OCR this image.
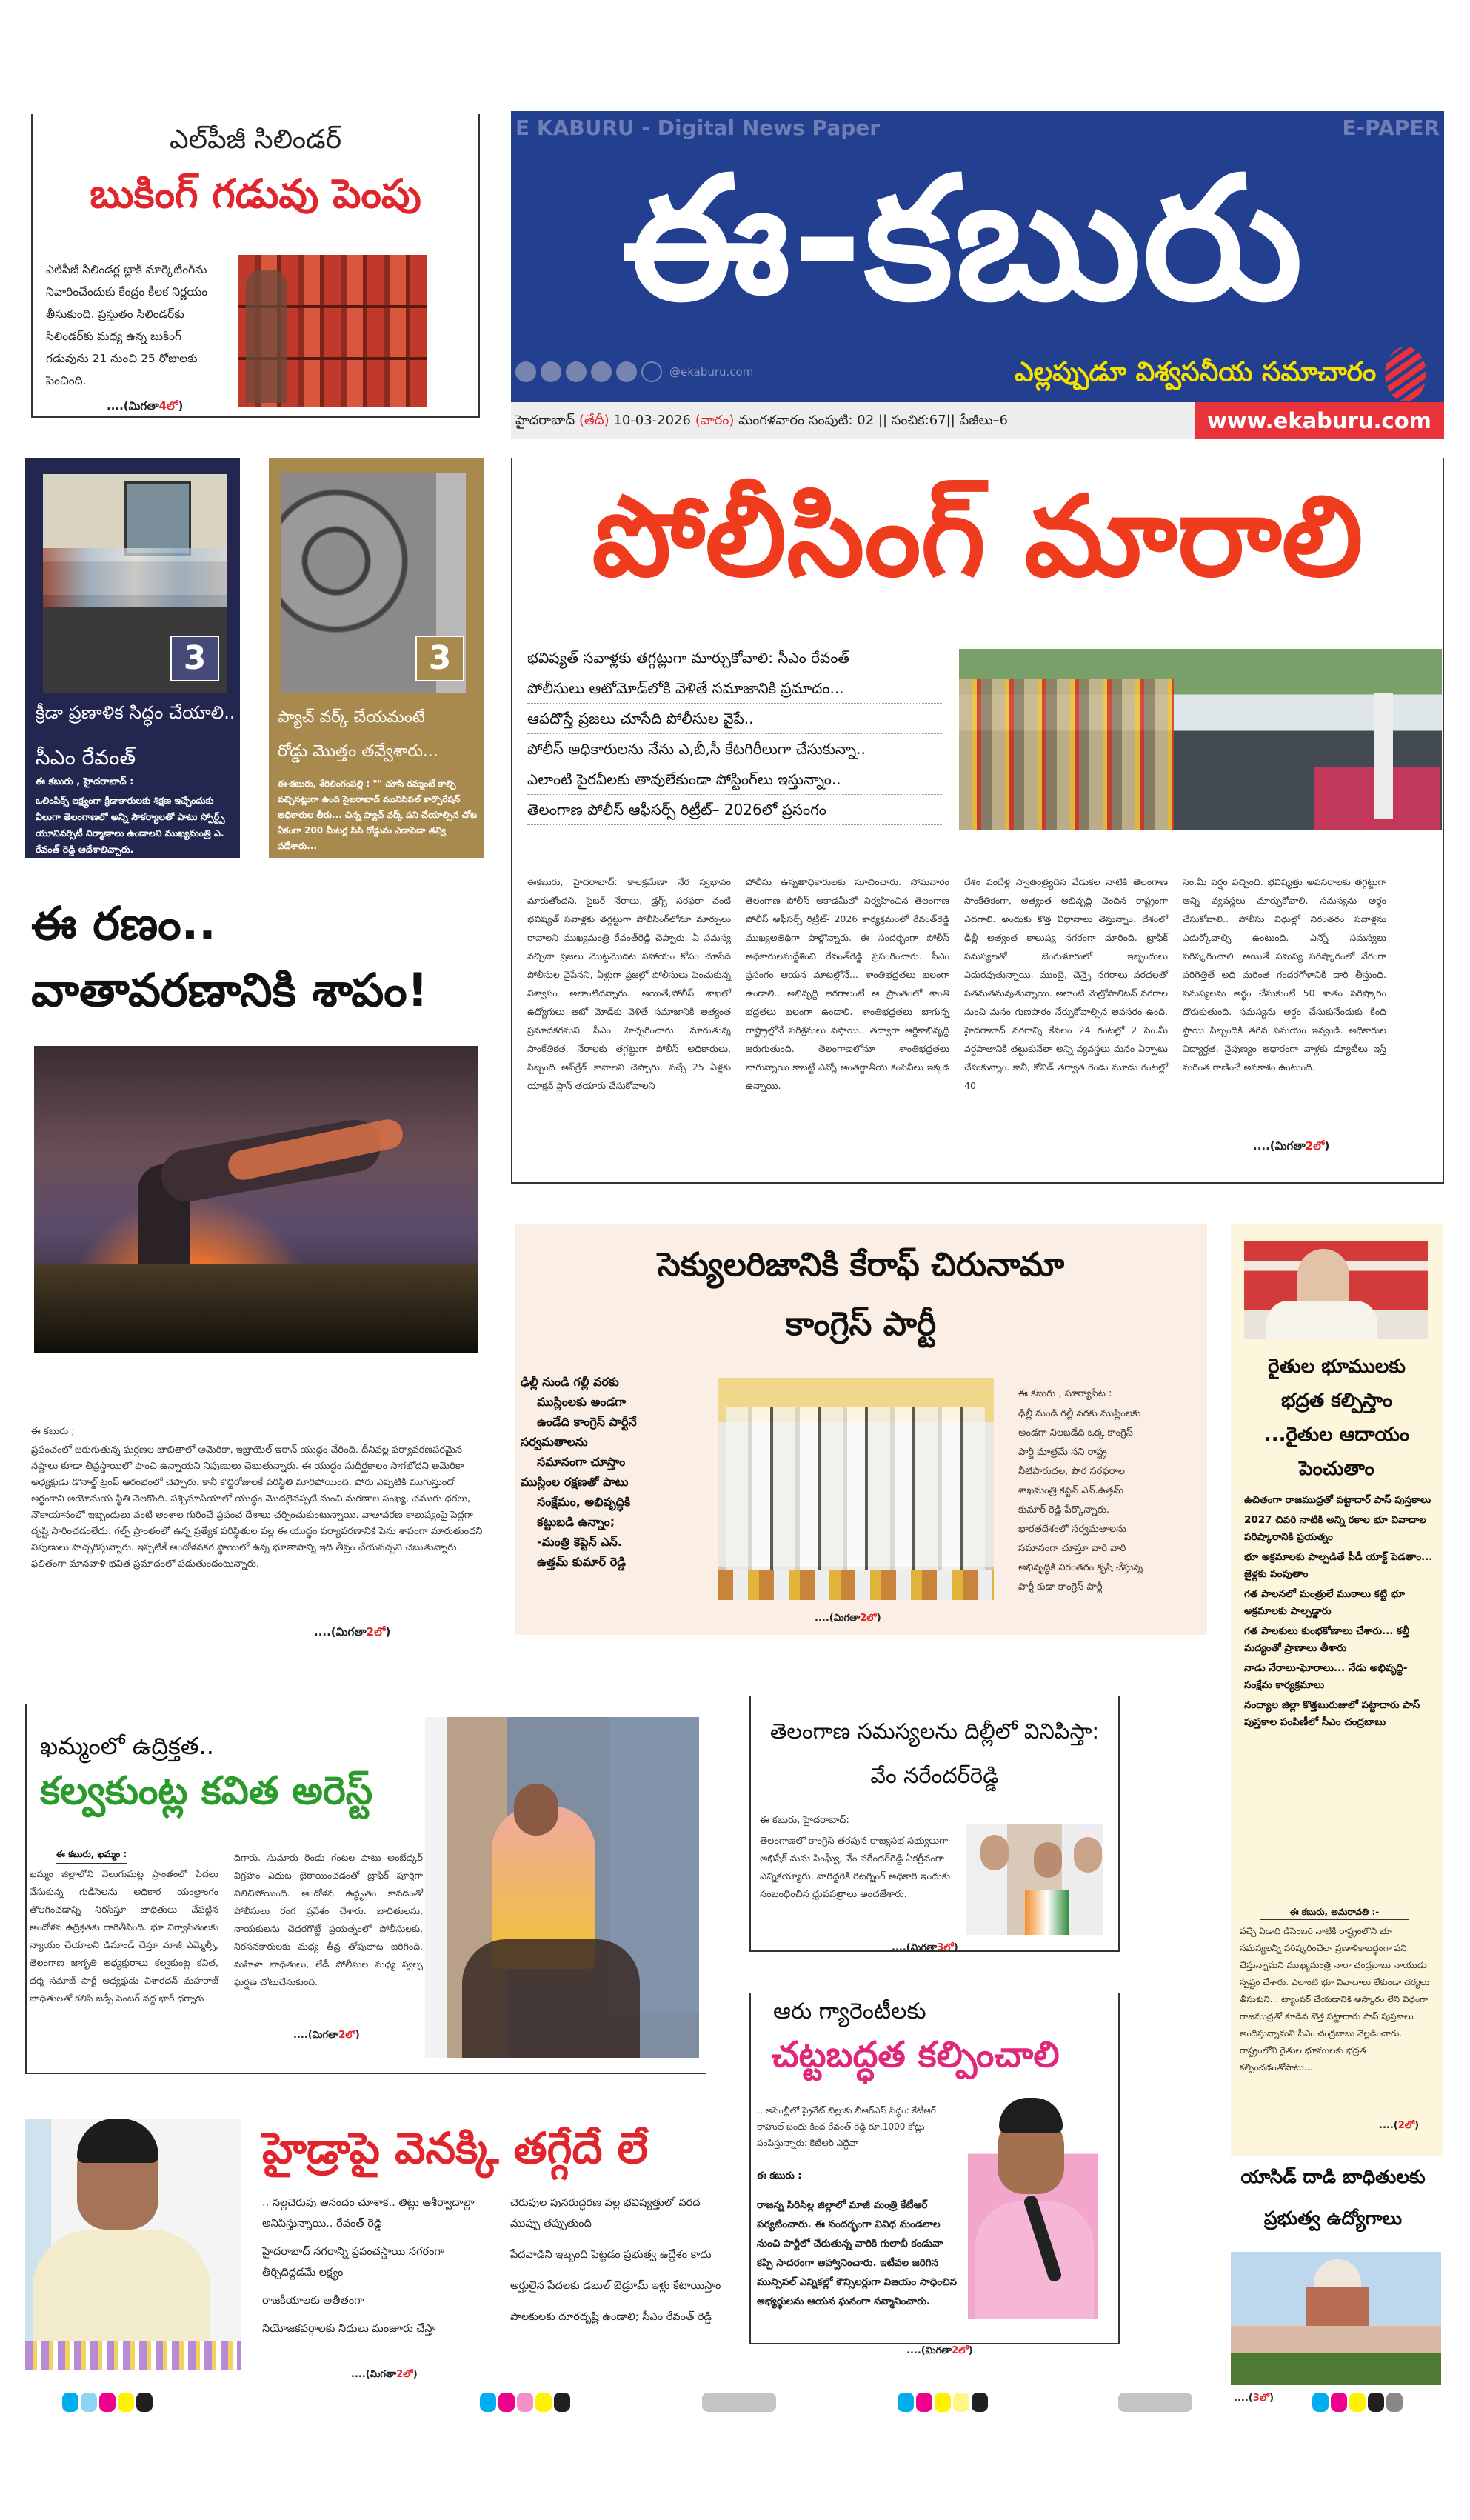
ఎల్‌పీజీ సిలిండర్
బుకింగ్ గడువు పెంపు
ఎల్‌పీజీ సిలిండర్ల బ్లాక్ మార్కెటింగ్‌ను నివారించేందుకు కేంద్రం కీలక నిర్ణయం తీసుకుంది. ప్రస్తుతం సిలిండర్‌కు సిలిండర్‌కు మధ్య ఉన్న బుకింగ్ గడువును 21 నుంచి 25 రోజులకు పెంచింది.
....(మిగతా4లో)
E KABURU - Digital News Paper	E-PAPER
ఈ-కబురు
@ekaburu.com	ఎల్లప్పుడూ విశ్వసనీయ సమాచారం
హైదరాబాద్ (తేదీ) 10-03-2026 (వారం) మంగళవారం సంపుటి: 02 || సంచిక:67|| పేజీలు–6	www.ekaburu.com
3
క్రీడా ప్రణాళిక సిద్ధం చేయాలి..
సీఎం రేవంత్
ఈ కబురు , హైదరాబాద్ :
ఒలింపిక్స్ లక్ష్యంగా క్రీడాకారులకు శిక్షణ ఇచ్చేందుకు వీలుగా తెలంగాణలో అన్ని సౌకర్యాలతో పాటు స్పోర్ట్స్ యూనివర్సిటీ నిర్మాణాలు ఉండాలని ముఖ్యమంత్రి ఎ. రేవంత్ రెడ్డి ఆదేశాలిచ్చారు.
3
ప్యాచ్ వర్క్ చేయమంటే
రోడ్డు మొత్తం తవ్వేశారు...
ఈ-కబురు, శేరిలింగంపల్లి : "" చూసి రమ్మంటే కాల్చి వచ్చినట్లుగా ఉంది సైబరాబాద్ మునిసిపల్ కార్పొరేషన్ అధికారుల తీరు... చిన్న ప్యాచ్ వర్క్ పని చేయాల్సిన చోట ఏకంగా 200 మీటర్ల సిసి రోడ్డును ఎడాపెడా తవ్వి పడేశారు...
పోలీసింగ్ మారాలి
భవిష్యత్ సవాళ్లకు తగ్గట్లుగా మార్చుకోవాలి: సీఎం రేవంత్
పోలీసులు ఆటోమోడ్‌లోకి వెళితే సమాజానికి ప్రమాదం...
ఆపదొస్తే ప్రజలు చూసేది పోలీసుల వైపే..
పోలీస్ అధికారులను నేను ఎ,బీ,సీ కేటగిరీలుగా చేసుకున్నా..
ఎలాంటి పైరవీలకు తావులేకుండా పోస్టింగ్‌లు ఇస్తున్నాం..
తెలంగాణ పోలీస్ ఆఫీసర్స్ రిట్రీట్– 2026లో ప్రసంగం
ఈకబురు, హైదరాబాద్: కాలక్రమేణా నేర స్వభావం మారుతోందని, సైబర్ నేరాలు, డ్రగ్స్ సరఫరా వంటి భవిష్యత్ సవాళ్లకు తగ్గట్టుగా పోలీసింగ్‌లోనూ మార్పులు రావాలని ముఖ్యమంత్రి రేవంత్‌రెడ్డి చెప్పారు. ఏ సమస్య వచ్చినా ప్రజలు మొట్టమొదట సహాయం కోసం చూసేది పోలీసుల వైపేనని, ఏళ్లుగా ప్రజల్లో పోలీసులు పెంచుకున్న విశ్వాసం అలాంటిదన్నారు. అయితే,పోలీస్ శాఖలో ఉద్యోగులు ఆటో మోడ్‌కు వెళితే సమాజానికి అత్యంత ప్రమాదకరమని సీఎం హెచ్చరించారు. మారుతున్న సాంకేతికత, నేరాలకు తగ్గట్టుగా పోలీస్ అధికారులు, సిబ్బంది అప్‌గ్రేడ్ కావాలని చెప్పారు. వచ్చే 25 ఏళ్లకు యాక్షన్ ప్లాన్ తయారు చేసుకోవాలని
పోలీసు ఉన్నతాధికారులకు సూచించారు. సోమవారం తెలంగాణ పోలీస్ అకాడమీలో నిర్వహించిన తెలంగాణ పోలీస్ ఆఫీసర్స్ రిట్రీట్- 2026 కార్యక్రమంలో రేవంత్‌రెడ్డి ముఖ్యఅతిథిగా పాల్గొన్నారు. ఈ సందర్భంగా పోలీస్ అధికారులనుద్దేశించి రేవంత్‌రెడ్డి ప్రసంగించారు. సీఎం ప్రసంగం ఆయన మాటల్లోనే... శాంతిభద్రతలు బలంగా ఉండాలి.. అభివృద్ధి జరగాలంటే ఆ ప్రాంతంలో శాంతి భద్రతలు బలంగా ఉండాలి. శాంతిభద్రతలు బాగున్న రాష్ట్రాల్లోనే పరిశ్రమలు వస్తాయి.. తద్వారా ఆర్థికాభివృద్ధి జరుగుతుంది. తెలంగాణలోనూ శాంతిభద్రతలు బాగున్నాయి కాబట్టే ఎన్నో అంతర్జాతీయ కంపెనీలు ఇక్కడ ఉన్నాయి.
దేశం వందేళ్ల స్వాతంత్ర్యదిన వేడుకల నాటికి తెలంగాణ సాంకేతికంగా, అత్యంత అభివృద్ధి చెందిన రాష్ట్రంగా ఎదగాలి. అందుకు కొత్త విధానాలు తెస్తున్నాం. దేశంలో ఢిల్లీ అత్యంత కాలుష్య నగరంగా మారింది. ట్రాఫిక్ సమస్యలతో బెంగుళూరులో ఇబ్బందులు ఎదురవుతున్నాయి. ముంబై, చెన్నై నగరాలు వరదలతో సతమతమవుతున్నాయి. అలాంటి మెట్రోపాలిటన్ నగరాల నుంచి మనం గుణపాఠం నేర్చుకోవాల్సిన అవసరం ఉంది. హైదరాబాద్ నగరాన్ని కేవలం 24 గంటల్లో 2 సెం.మీ వర్షపాతానికి తట్టుకునేలా అన్ని వ్యవస్థలు మనం ఏర్పాటు చేసుకున్నాం. కానీ, కోవిడ్ తర్వాత రెండు మూడు గంటల్లో 40
సెం.మీ వర్షం వచ్చింది. భవిష్యత్తు అవసరాలకు తగ్గట్టుగా అన్ని వ్యవస్థలు మార్చుకోవాలి. సమస్యను అర్థం చేసుకోవాలి.. పోలీసు విధుల్లో నిరంతరం సవాళ్లను ఎదుర్కోవాల్సి ఉంటుంది. ఎన్నో సమస్యలు పరిష్కరించాలి. అయితే సమస్య పరిష్కారంలో వేగంగా పరిగెత్తితే అది మరింత గందరగోళానికి దారి తీస్తుంది. సమస్యలను అర్థం చేసుకుంటే 50 శాతం పరిష్కారం దొరుకుతుంది. సమస్యను అర్థం చేసుకునేందుకు కింది స్థాయి సిబ్బందికి తగిన సమయం ఇవ్వండి. అధికారుల విద్యార్హత, నైపుణ్యం ఆధారంగా వాళ్లకు డ్యూటీలు ఇస్తే మరింత రాణించే అవకాశం ఉంటుంది.
....(మిగతా2లో)
ఈ రణం..
వాతావరణానికి శాపం!
ఈ కబురు ;
ప్రపంచంలో జరుగుతున్న ఘర్షణల జాబితాలో అమెరికా, ఇజ్రాయెల్ ఇరాన్ యుద్ధం చేరింది. దీనివల్ల పర్యావరణపరమైన నష్టాలు కూడా తీవ్రస్థాయిలో పొంచి ఉన్నాయని నిపుణులు చెబుతున్నారు. ఈ యుద్ధం సుదీర్ఘకాలం సాగబోదని అమెరికా అధ్యక్షుడు డొనాల్డ్ ట్రంప్ ఆరంభంలో చెప్పారు. కానీ కొద్దిరోజులకే పరిస్థితి మారిపోయింది. పోరు ఎప్పటికి ముగుస్తుందో అర్థంకాని అయోమయ స్థితి నెలకొంది. పశ్చిమాసియాలో యుద్ధం మొదలైనప్పటి నుంచి మరణాల సంఖ్య, చమురు ధరలు, నౌకాయానంలో ఇబ్బందులు వంటి అంశాల గురించే ప్రపంచ దేశాలు చర్చించుకుంటున్నాయి. వాతావరణ కాలుష్యంపై పెద్దగా దృష్టి సారించడంలేదు. గల్ఫ్ ప్రాంతంలో ఉన్న ప్రత్యేక పరిస్థితుల వల్ల ఈ యుద్ధం పర్యావరణానికి పెను శాపంగా మారుతుందని నిపుణులు హెచ్చరిస్తున్నారు. ఇప్పటికే ఆందోళనకర స్థాయిలో ఉన్న భూతాపాన్ని ఇది తీవ్రం చేయవచ్చని చెబుతున్నారు. ఫలితంగా మానవాళి భవిత ప్రమాదంలో పడుతుందంటున్నారు.
....(మిగతా2లో)
సెక్యులరిజానికి కేరాఫ్ చిరునామా
కాంగ్రెస్ పార్టీ
ఢిల్లీ నుండి గల్లీ వరకు
ముస్లింలకు అండగా
ఉండేది కాంగ్రెస్ పార్టీనే
సర్వమతాలను
సమానంగా చూస్తాం
ముస్లింల రక్షణతో పాటు
సంక్షేమం, అభివృద్ధికి
కట్టుబడి ఉన్నాం;
-మంత్రి కెప్టెన్ ఎన్.
ఉత్తమ్ కుమార్ రెడ్డి
ఈ కబురు , సూర్యాపేట :
ఢిల్లీ నుండి గల్లీ వరకు ముస్లింలకు అండగా నిలబడేది ఒక్క కాంగ్రెస్ పార్టీ మాత్రమే నని రాష్ట్ర నీటిపారుదల, పౌర సరఫరాల శాఖమంత్రి కెప్టెన్ ఎన్.ఉత్తమ్ కుమార్ రెడ్డి పేర్కొన్నారు. భారతదేశంలో సర్వమతాలను సమానంగా చూస్తూ వారి వారి అభివృద్ధికి నిరంతరం కృషి చేస్తున్న పార్టీ కుడా కాంగ్రెస్ పార్టీ
....(మిగతా2లో)
రైతుల భూములకు
భద్రత కల్పిస్తాం
...రైతుల ఆదాయం
పెంచుతాం
ఉచితంగా రాజముద్రతో పట్టాదార్ పాస్ పుస్తకాలు
2027 చివరి నాటికి అన్ని రకాల భూ వివాదాల పరిష్కారానికి ప్రయత్నం
భూ అక్రమాలకు పాల్పడితే పీడీ యాక్ట్ పెడతాం... జైళ్లకు పంపుతాం
గత పాలనలో మంత్రులే ముఠాలు కట్టి భూ అక్రమాలకు పాల్పడ్డారు
గత పాలకులు కుంభకోణాలు చేశారు... కల్తీ మద్యంతో ప్రాణాలు తీశారు
నాడు నేరాలు-ఘోరాలు... నేడు అభివృద్ధి-సంక్షేమ కార్యక్రమాలు
నంద్యాల జిల్లా కొత్తబురుజులో పట్టాదారు పాస్ పుస్తకాల పంపిణీలో సీఎం చంద్రబాబు
ఈ కబురు, అమరావతి :-
వచ్చే ఏడాది డిసెంబర్ నాటికి రాష్ట్రంలోని భూ సమస్యలన్నీ పరిష్కరించేలా ప్రణాళికాబద్ధంగా పని చేస్తున్నామని ముఖ్యమంత్రి నారా చంద్రబాబు నాయుడు స్పష్టం చేశారు. ఎలాంటి భూ వివాదాలు లేకుండా చర్యలు తీసుకుని... ట్యాంపర్ చేయడానికి ఆస్కారం లేని విధంగా రాజముద్రతో కూడిన కొత్త పట్టాదారు పాస్ పుస్తకాలు అందిస్తున్నామని సీఎం చంద్రబాబు వెల్లడించారు. రాష్ట్రంలోని రైతుల భూములకు భద్రత కల్పించడంతోపాటు...
....(2లో)
ఖమ్మంలో ఉద్రిక్తత..
కల్వకుంట్ల కవిత అరెస్ట్
ఈ కబురు, ఖమ్మం :
ఖమ్మం జిల్లాలోని వెలుగుమట్ల ప్రాంతంలో పేదలు వేసుకున్న గుడిసెలను అధికార యంత్రాంగం తొలగించడాన్ని నిరసిస్తూ బాధితులు చేపట్టిన ఆందోళన ఉద్రిక్తతకు దారితీసింది. భూ నిర్వాసితులకు న్యాయం చేయాలని డిమాండ్ చేస్తూ మాజీ ఎమ్మెల్సీ, తెలంగాణ జాగృతి అధ్యక్షురాలు కల్వకుంట్ల కవిత, ధర్మ సమాజ్ పార్టీ అధ్యక్షుడు విశారదన్ మహరాజ్ బాధితులతో కలిసి జడ్పీ సెంటర్ వద్ద భారీ ధర్నాకు
దిగారు. సుమారు రెండు గంటల పాటు అంబేద్కర్ విగ్రహం ఎదుట బైఠాయించడంతో ట్రాఫిక్ పూర్తిగా నిలిచిపోయింది. ఆందోళన ఉద్ధృతం కావడంతో పోలీసులు రంగ ప్రవేశం చేశారు. బాధితులను, నాయకులను చెదరగొట్టే ప్రయత్నంలో పోలీసులకు, నిరసనకారులకు మధ్య తీవ్ర తోపులాట జరిగింది. మహిళా బాధితులు, లేడీ పోలీసుల మధ్య స్వల్ప ఘర్షణ చోటుచేసుకుంది.
....(మిగతా2లో)
తెలంగాణ సమస్యలను దిల్లీలో వినిపిస్తా:
వేం నరేందర్‌రెడ్డి
ఈ కబురు, హైదరాబాద్:
తెలంగాణలో కాంగ్రెస్ తరపున రాజ్యసభ సభ్యులుగా అభిషేక్ మను సింఘ్వీ, వేం నరేందర్‌రెడ్డి ఏకగ్రీవంగా ఎన్నికయ్యారు. వారిద్దరికి రిటర్నింగ్ అధికారి ఇందుకు సంబంధించిన ధ్రువపత్రాలు అందజేశారు.
....(మిగతా3లో)
ఆరు గ్యారెంటీలకు
చట్టబద్ధత కల్పించాలి
.. అసెంబ్లీలో ప్రైవేట్ బిల్లుకు బీఆర్ఎస్ సిద్ధం: కేటీఆర్
రాహుల్ బంధు కింద రేవంత్ రెడ్డి రూ.1000 కోట్లు పంపిస్తున్నారు: కేటీఆర్ ఎద్దేవా
ఈ కబురు :
రాజన్న సిరిసిల్ల జిల్లాలో మాజీ మంత్రి కేటీఆర్ పర్యటించారు. ఈ సందర్భంగా వివిధ మండలాల నుంచి పార్టీలో చేరుతున్న వారికి గులాబీ కండువా కప్పి సాదరంగా ఆహ్వానించారు. ఇటీవల జరిగిన మున్సిపల్ ఎన్నికల్లో కౌన్సిలర్లుగా విజయం సాధించిన అభ్యర్థులను ఆయన ఘనంగా సన్మానించారు.
....(మిగతా2లో)
హైడ్రాపై వెనక్కి తగ్గేదే లే
.. నల్లచెరువు ఆనందం చూశాక.. తిట్లు ఆశీర్వాదాల్లా అనిపిస్తున్నాయి.. రేవంత్ రెడ్డి
హైదరాబాద్ నగరాన్ని ప్రపంచస్థాయి నగరంగా తీర్చిదిద్దడమే లక్ష్యం
రాజకీయాలకు అతీతంగా
నియోజకవర్గాలకు నిధులు మంజూరు చేస్తా
చెరువుల పునరుద్ధరణ వల్ల భవిష్యత్తులో వరద ముప్పు తప్పుతుంది
పేదవాడిని ఇబ్బంది పెట్టడం ప్రభుత్వ ఉద్దేశం కాదు
అర్హులైన పేదలకు డబుల్ బెడ్రూమ్ ఇళ్లు కేటాయిస్తాం
పాలకులకు దూరదృష్టి ఉండాలి; సీఎం రేవంత్ రెడ్డి
....(మిగతా2లో)
యాసిడ్ దాడి బాధితులకు
ప్రభుత్వ ఉద్యోగాలు
....(3లో)
